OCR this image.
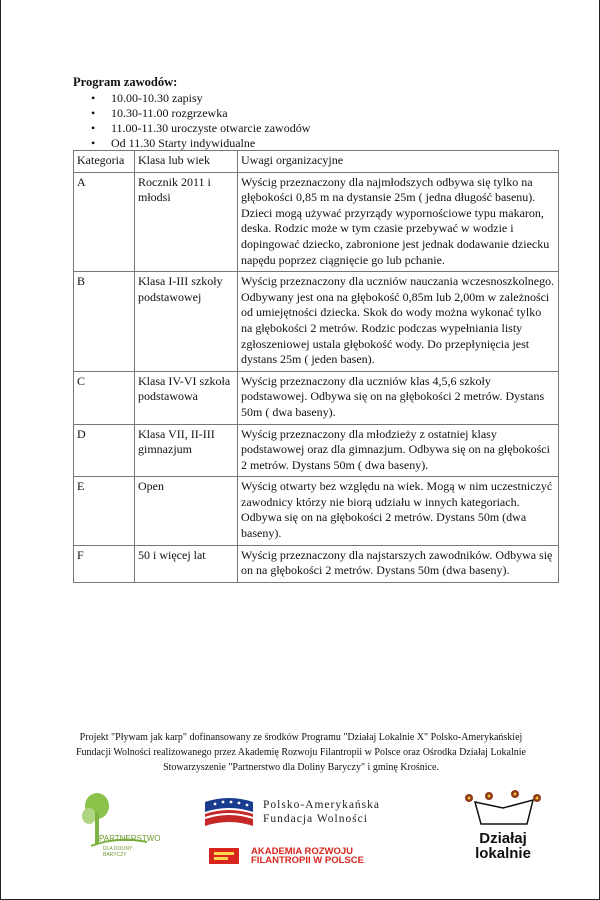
Program zawodów:
• 10.00-10.30 zapisy
• 10.30-11.00 rozgrzewka
• 11.00-11.30 uroczyste otwarcie zawodów
• Od 11.30 Starty indywidualne
Kategoria	Klasa lub wiek	Uwagi organizacyjne
A	Rocznik 2011 i młodsi	Wyścig przeznaczony dla najmłodszych odbywa się tylko na głębokości 0,85 m na dystansie 25m ( jedna długość basenu). Dzieci mogą używać przyrządy wypornościowe typu makaron, deska. Rodzic może w tym czasie przebywać w wodzie i dopingować dziecko, zabronione jest jednak dodawanie dziecku napędu poprzez ciągnięcie go lub pchanie.
B	Klasa I-III szkoły podstawowej	Wyścig przeznaczony dla uczniów nauczania wczesnoszkolnego. Odbywany jest ona na głębokość 0,85m lub 2,00m w zależności od umiejętności dziecka. Skok do wody można wykonać tylko na głębokości 2 metrów. Rodzic podczas wypełniania listy zgłoszeniowej ustala głębokość wody. Do przepłynięcia jest dystans 25m ( jeden basen).
C	Klasa IV-VI szkoła podstawowa	Wyścig przeznaczony dla uczniów klas 4,5,6 szkoły podstawowej. Odbywa się on na głębokości 2 metrów. Dystans 50m ( dwa baseny).
D	Klasa VII, II-III gimnazjum	Wyścig przeznaczony dla młodzieży z ostatniej klasy podstawowej oraz dla gimnazjum. Odbywa się on na głębokości 2 metrów. Dystans 50m ( dwa baseny).
E	Open	Wyścig otwarty bez względu na wiek. Mogą w nim uczestniczyć zawodnicy którzy nie biorą udziału w innych kategoriach. Odbywa się on na głębokości 2 metrów. Dystans 50m (dwa baseny).
F	50 i więcej lat	Wyścig przeznaczony dla najstarszych zawodników. Odbywa się on na głębokości 2 metrów. Dystans 50m (dwa baseny).
Projekt "Pływam jak karp" dofinansowany ze środków Programu "Działaj Lokalnie X" Polsko-Amerykańskiej Fundacji Wolności realizowanego przez Akademię Rozwoju Filantropii w Polsce oraz Ośrodka Działaj Lokalnie Stowarzyszenie "Partnerstwo dla Doliny Baryczy" i gminę Krośnice.
PARTNERSTWO
DLA DOLINY BARYCZY
Polsko-Amerykańska
Fundacja Wolności
AKADEMIA ROZWOJU
FILANTROPII W POLSCE
Działaj
lokalnie
